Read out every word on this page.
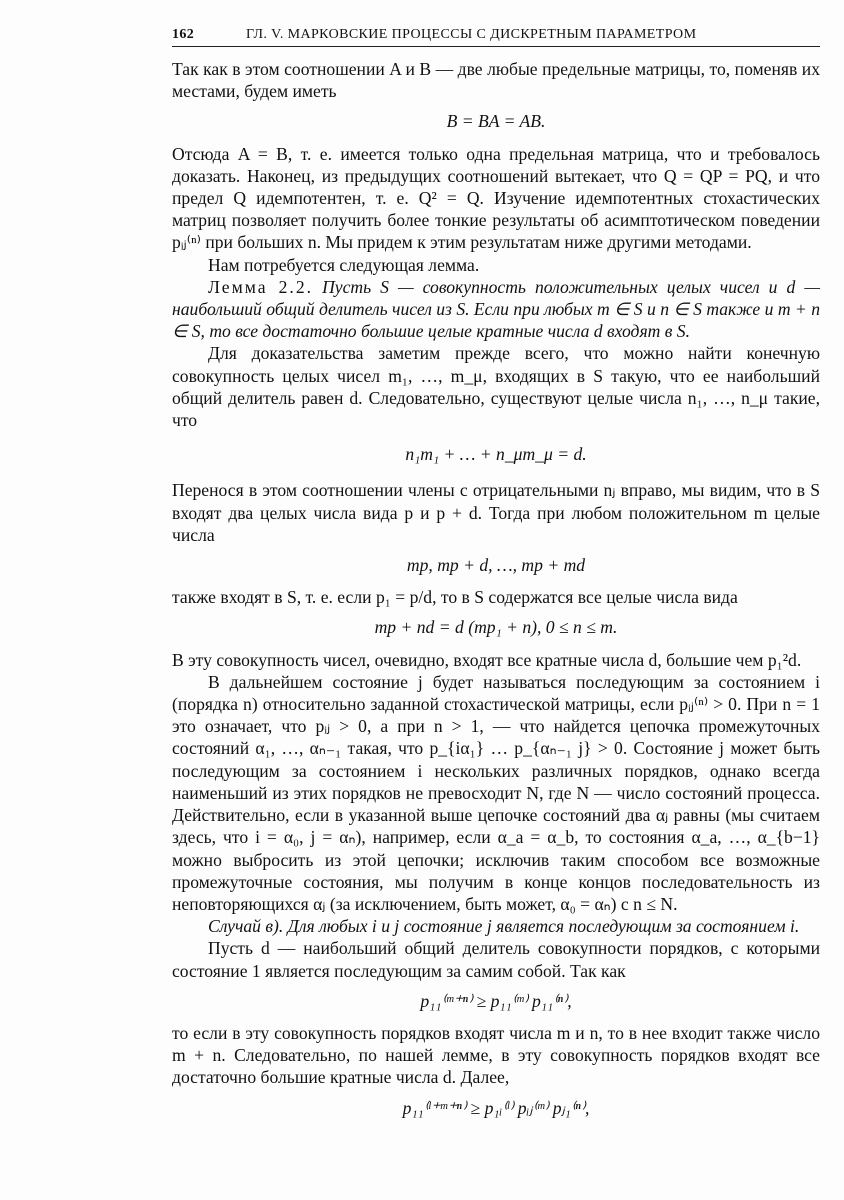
162	ГЛ. V. МАРКОВСКИЕ ПРОЦЕССЫ С ДИСКРЕТНЫМ ПАРАМЕТРОМ

Так как в этом соотношении A и B — две любые предельные матрицы, то, поменяв их местами, будем иметь

B = BA = AB.

Отсюда A = B, т. е. имеется только одна предельная матрица, что и требовалось доказать. Наконец, из предыдущих соотношений вытекает, что Q = QP = PQ, и что предел Q идемпотентен, т. е. Q² = Q. Изучение идемпотентных стохастических матриц позволяет получить более тонкие результаты об асимптотическом поведении pᵢⱼ⁽ⁿ⁾ при больших n. Мы придем к этим результатам ниже другими методами.

Нам потребуется следующая лемма.

Лемма 2.2. Пусть S — совокупность положительных целых чисел и d — наибольший общий делитель чисел из S. Если при любых m ∈ S и n ∈ S также и m + n ∈ S, то все достаточно большие целые кратные числа d входят в S.

Для доказательства заметим прежде всего, что можно найти конечную совокупность целых чисел m₁, …, m_μ, входящих в S такую, что ее наибольший общий делитель равен d. Следовательно, существуют целые числа n₁, …, n_μ такие, что

n₁m₁ + … + n_μm_μ = d.

Перенося в этом соотношении члены с отрицательными nⱼ вправо, мы видим, что в S входят два целых числа вида p и p + d. Тогда при любом положительном m целые числа

mp, mp + d, …, mp + md

также входят в S, т. е. если p₁ = p/d, то в S содержатся все целые числа вида

mp + nd = d (mp₁ + n), 0 ≤ n ≤ m.

В эту совокупность чисел, очевидно, входят все кратные числа d, большие чем p₁²d.

В дальнейшем состояние j будет называться последующим за состоянием i (порядка n) относительно заданной стохастической матрицы, если pᵢⱼ⁽ⁿ⁾ > 0. При n = 1 это означает, что pᵢⱼ > 0, а при n > 1, — что найдется цепочка промежуточных состояний α₁, …, αₙ₋₁ такая, что p_{iα₁} … p_{αₙ₋₁ j} > 0. Состояние j может быть последующим за состоянием i нескольких различных порядков, однако всегда наименьший из этих порядков не превосходит N, где N — число состояний процесса. Действительно, если в указанной выше цепочке состояний два αⱼ равны (мы считаем здесь, что i = α₀, j = αₙ), например, если α_a = α_b, то состояния α_a, …, α_{b−1} можно выбросить из этой цепочки; исключив таким способом все возможные промежуточные состояния, мы получим в конце концов последовательность из неповторяющихся αⱼ (за исключением, быть может, α₀ = αₙ) с n ≤ N.

Случай в). Для любых i и j состояние j является последующим за состоянием i.

Пусть d — наибольший общий делитель совокупности порядков, с которыми состояние 1 является последующим за самим собой. Так как

p₁₁⁽ᵐ⁺ⁿ⁾ ≥ p₁₁⁽ᵐ⁾ p₁₁⁽ⁿ⁾,

то если в эту совокупность порядков входят числа m и n, то в нее входит также число m + n. Следовательно, по нашей лемме, в эту совокупность порядков входят все достаточно большие кратные числа d. Далее,

p₁₁⁽ˡ⁺ᵐ⁺ⁿ⁾ ≥ p₁ᵢ⁽ˡ⁾ pᵢⱼ⁽ᵐ⁾ pⱼ₁⁽ⁿ⁾,
